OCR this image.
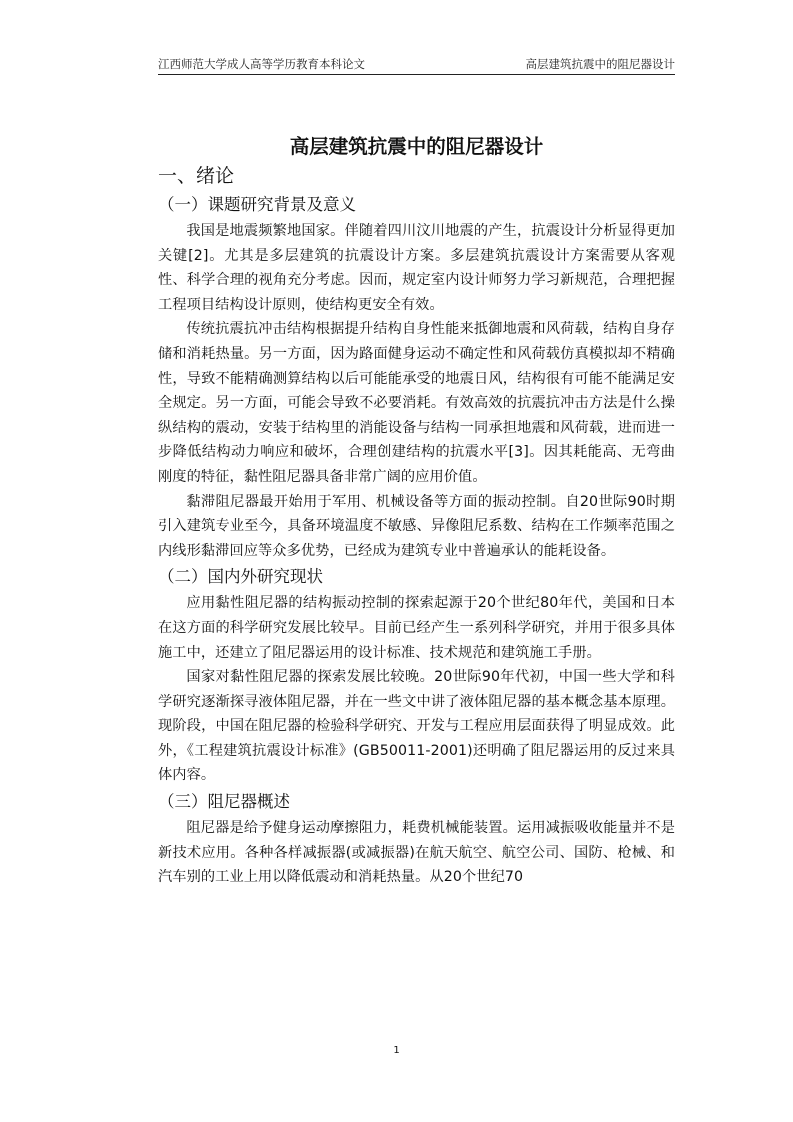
江西师范大学成人高等学历教育本科论文	高层建筑抗震中的阻尼器设计
高层建筑抗震中的阻尼器设计
一、绪论
（一）课题研究背景及意义

我国是地震频繁地国家。伴随着四川汶川地震的产生，抗震设计分析显得更加关键[2]。尤其是多层建筑的抗震设计方案。多层建筑抗震设计方案需要从客观性、科学合理的视角充分考虑。因而，规定室内设计师努力学习新规范，合理把握工程项目结构设计原则，使结构更安全有效。

传统抗震抗冲击结构根据提升结构自身性能来抵御地震和风荷载，结构自身存储和消耗热量。另一方面，因为路面健身运动不确定性和风荷载仿真模拟却不精确性，导致不能精确测算结构以后可能能承受的地震日风，结构很有可能不能满足安全规定。另一方面，可能会导致不必要消耗。有效高效的抗震抗冲击方法是什么操纵结构的震动，安装于结构里的消能设备与结构一同承担地震和风荷载，进而进一步降低结构动力响应和破坏，合理创建结构的抗震水平[3]。因其耗能高、无弯曲刚度的特征，黏性阻尼器具备非常广阔的应用价值。

黏滞阻尼器最开始用于军用、机械设备等方面的振动控制。自20世际90时期引入建筑专业至今，具备环境温度不敏感、异像阻尼系数、结构在工作频率范围之内线形黏滞回应等众多优势，已经成为建筑专业中普遍承认的能耗设备。

（二）国内外研究现状

应用黏性阻尼器的结构振动控制的探索起源于20个世纪80年代，美国和日本在这方面的科学研究发展比较早。目前已经产生一系列科学研究，并用于很多具体施工中，还建立了阻尼器运用的设计标准、技术规范和建筑施工手册。

国家对黏性阻尼器的探索发展比较晚。20世际90年代初，中国一些大学和科学研究逐渐探寻液体阻尼器，并在一些文中讲了液体阻尼器的基本概念基本原理。现阶段，中国在阻尼器的检验科学研究、开发与工程应用层面获得了明显成效。此外，《工程建筑抗震设计标准》(GB50011-2001)还明确了阻尼器运用的反过来具体内容。

（三）阻尼器概述

阻尼器是给予健身运动摩擦阻力，耗费机械能装置。运用减振吸收能量并不是新技术应用。各种各样减振器(或减振器)在航天航空、航空公司、国防、枪械、和汽车别的工业上用以降低震动和消耗热量。从20个世纪70

1
